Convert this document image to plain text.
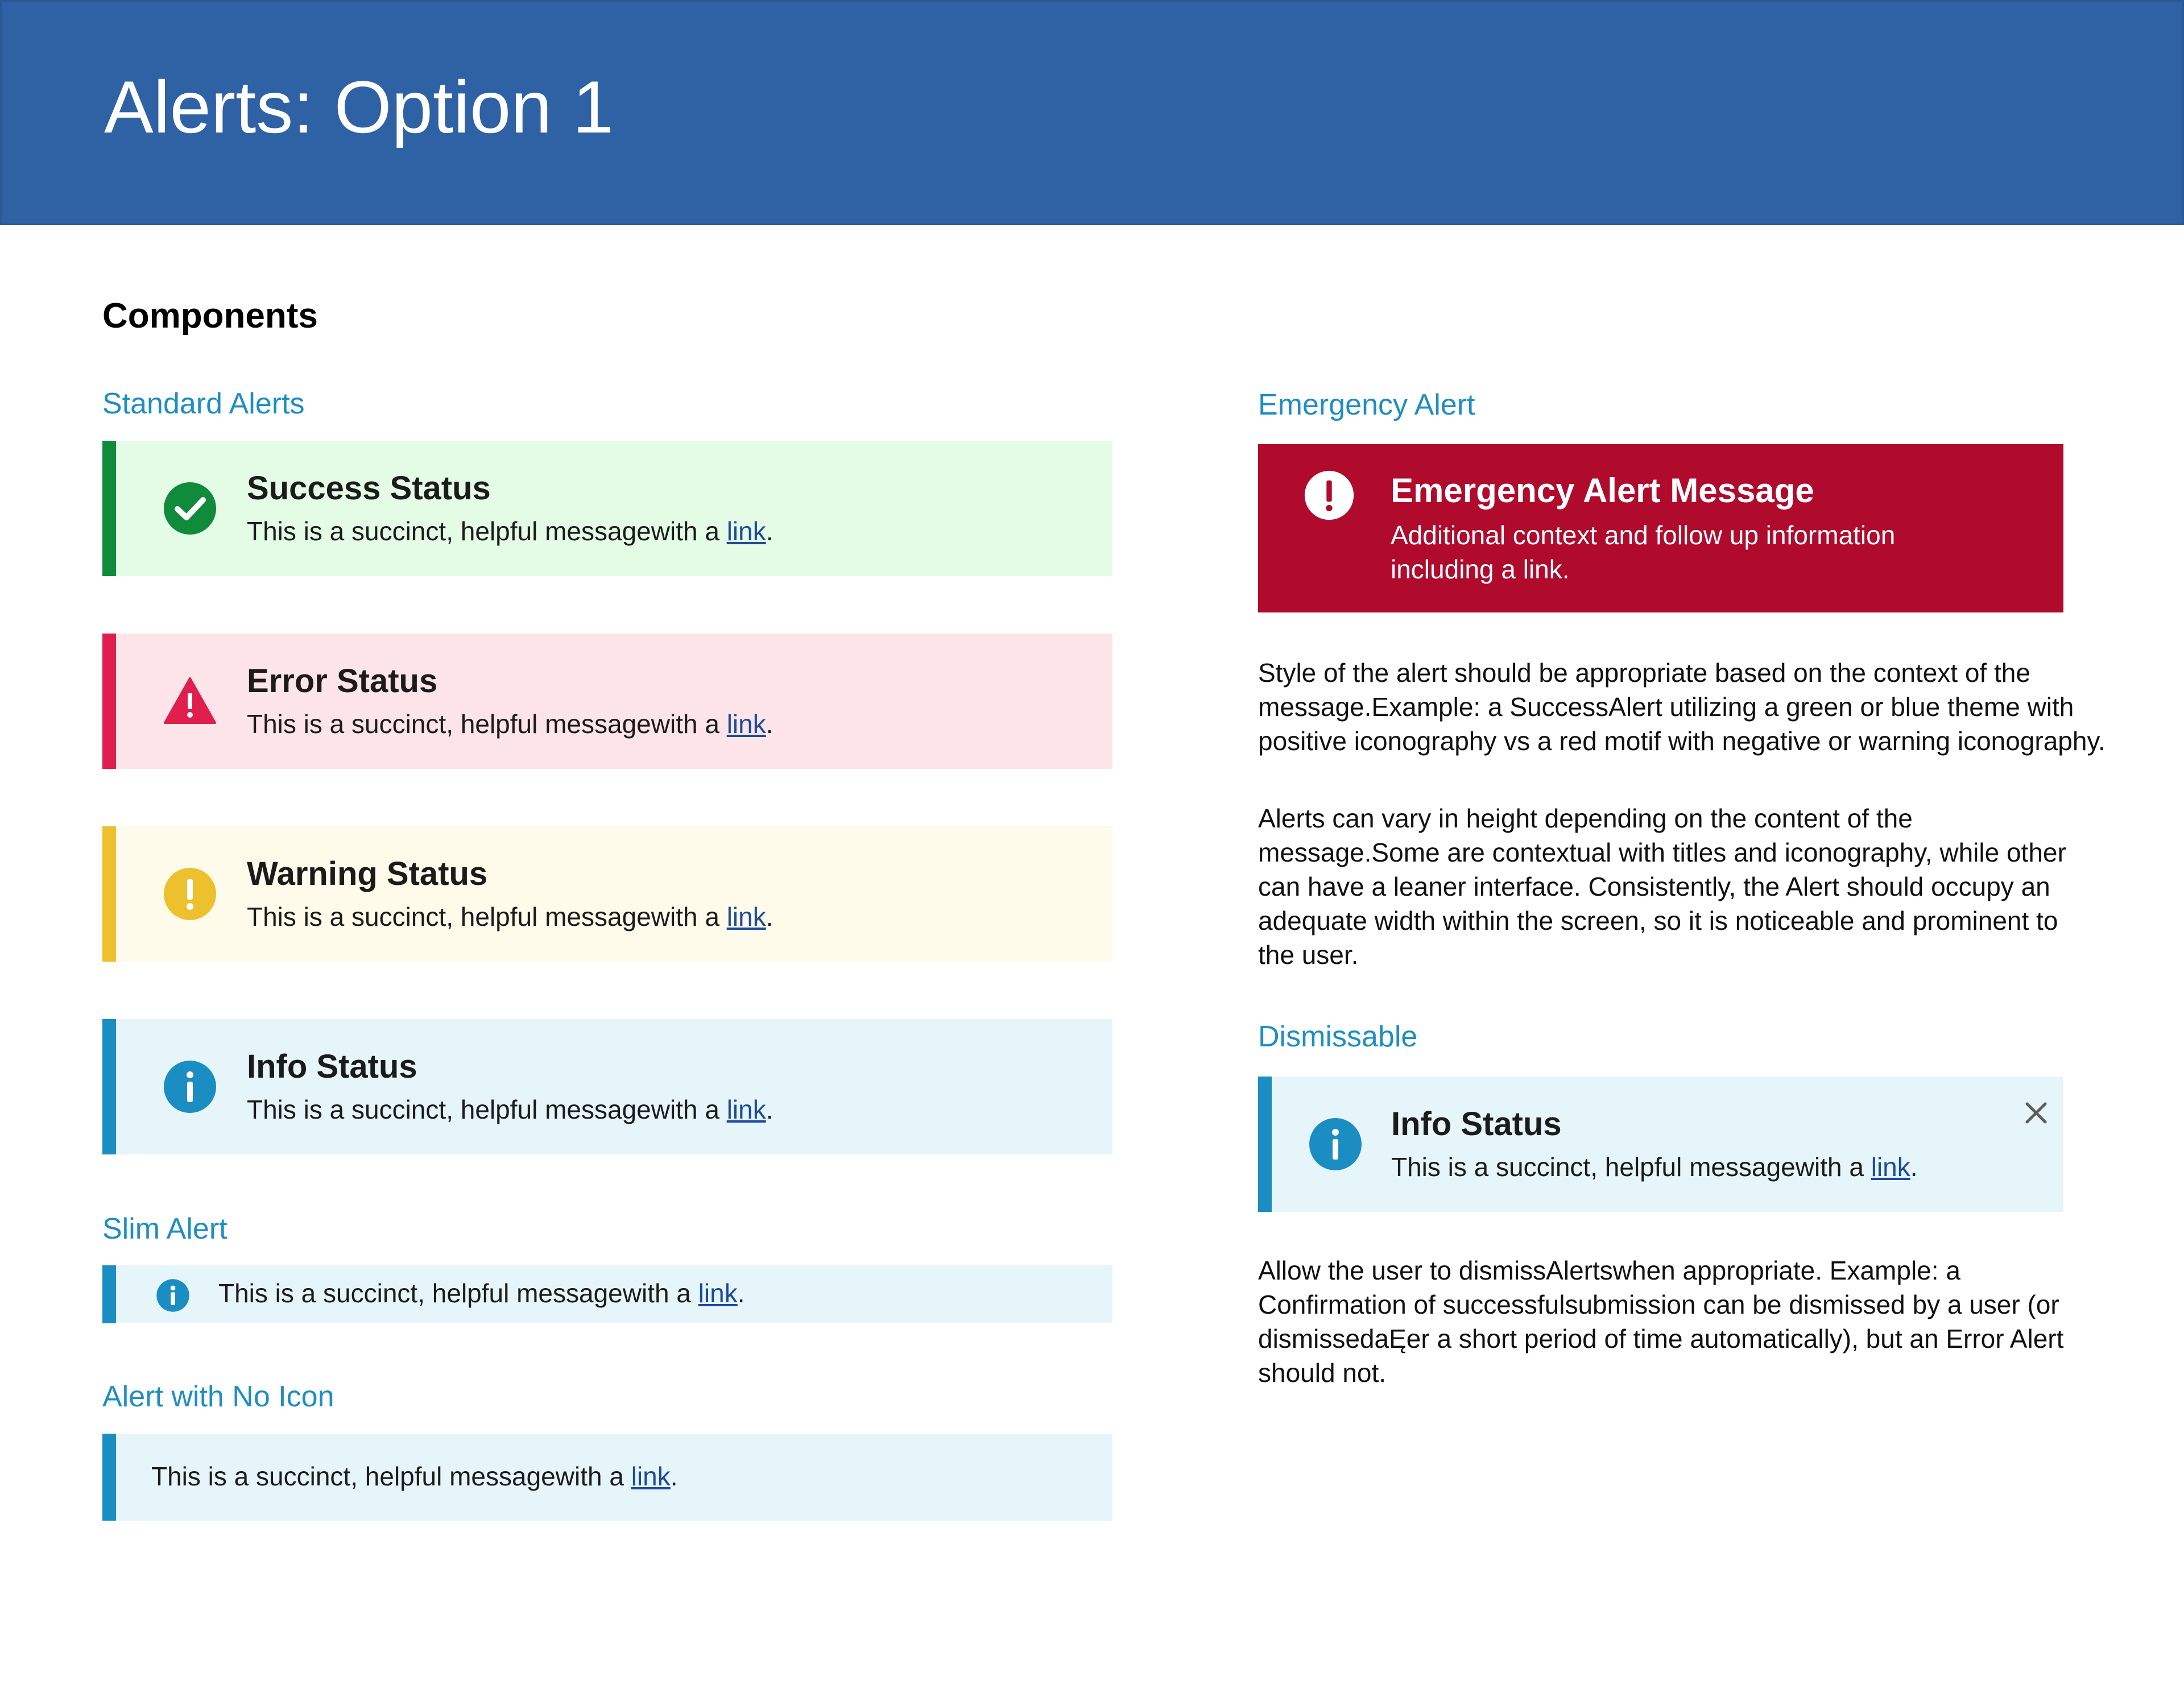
Alerts: Option 1
Components
Standard Alerts
Success Status
This is a succinct, helpful messagewith a link.
Error Status
This is a succinct, helpful messagewith a link.
Warning Status
This is a succinct, helpful messagewith a link.
Info Status
This is a succinct, helpful messagewith a link.
Slim Alert
This is a succinct, helpful messagewith a link.
Alert with No Icon
This is a succinct, helpful messagewith a link.
Emergency Alert
Emergency Alert Message
Additional context and follow up information including a link.
Style of the alert should be appropriate based on the context of the message.Example: a SuccessAlert utilizing a green or blue theme with positive iconography vs a red motif with negative or warning iconography.
Alerts can vary in height depending on the content of the message.Some are contextual with titles and iconography, while other can have a leaner interface. Consistently, the Alert should occupy an adequate width within the screen, so it is noticeable and prominent to the user.
Dismissable
Info Status
This is a succinct, helpful messagewith a link.
Allow the user to dismissAlertswhen appropriate. Example: a Confirmation of successfulsubmission can be dismissed by a user (or dismissedaĘer a short period of time automatically), but an Error Alert should not.
